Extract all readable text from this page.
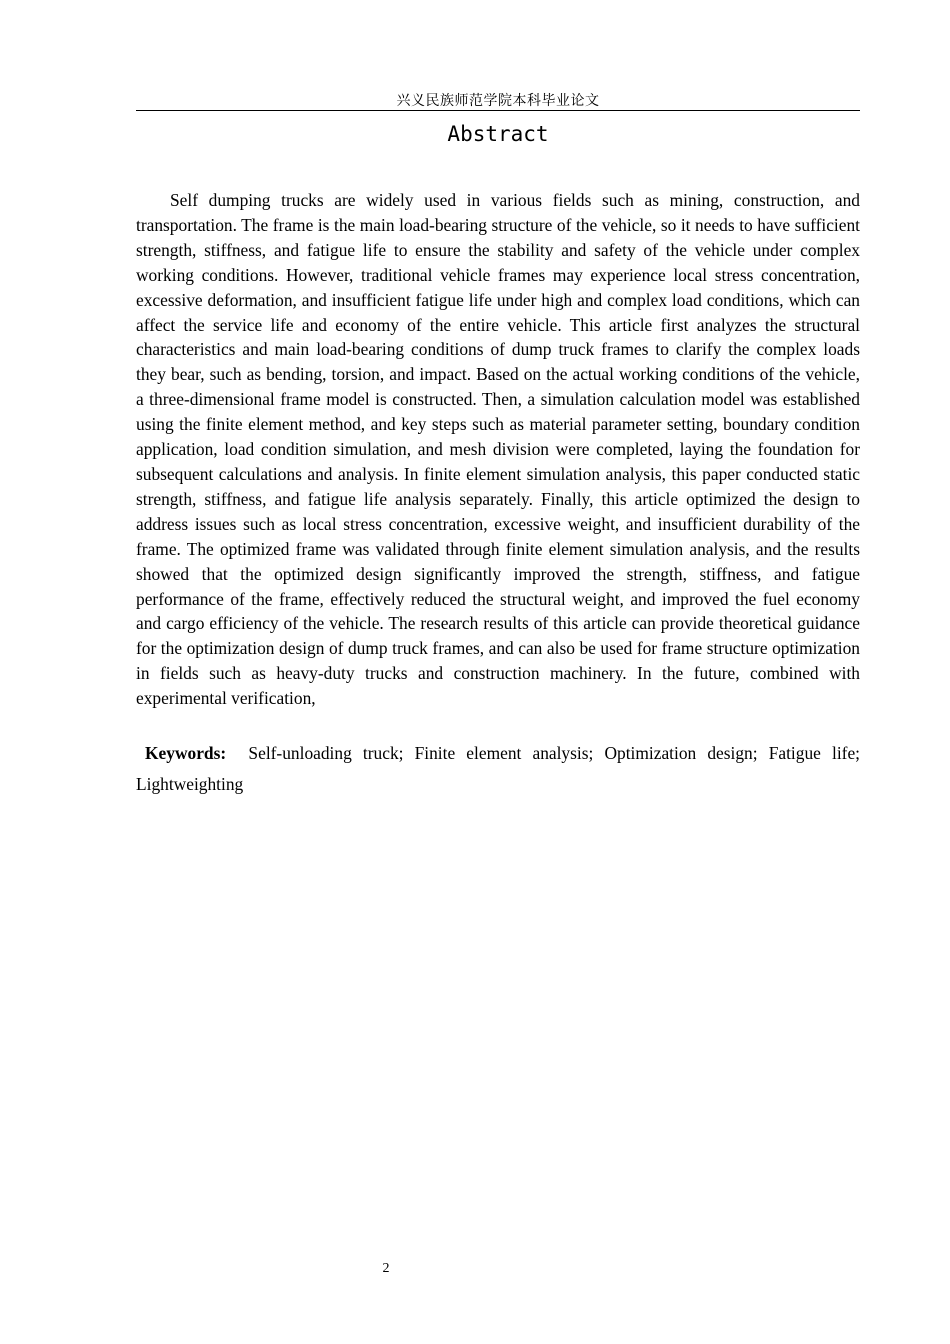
兴义民族师范学院本科毕业论文
Abstract

Self dumping trucks are widely used in various fields such as mining, construction, and transportation. The frame is the main load-bearing structure of the vehicle, so it needs to have sufficient strength, stiffness, and fatigue life to ensure the stability and safety of the vehicle under complex working conditions. However, traditional vehicle frames may experience local stress concentration, excessive deformation, and insufficient fatigue life under high and complex load conditions, which can affect the service life and economy of the entire vehicle. This article first analyzes the structural characteristics and main load-bearing conditions of dump truck frames to clarify the complex loads they bear, such as bending, torsion, and impact. Based on the actual working conditions of the vehicle, a three-dimensional frame model is constructed. Then, a simulation calculation model was established using the finite element method, and key steps such as material parameter setting, boundary condition application, load condition simulation, and mesh division were completed, laying the foundation for subsequent calculations and analysis. In finite element simulation analysis, this paper conducted static strength, stiffness, and fatigue life analysis separately. Finally, this article optimized the design to address issues such as local stress concentration, excessive weight, and insufficient durability of the frame. The optimized frame was validated through finite element simulation analysis, and the results showed that the optimized design significantly improved the strength, stiffness, and fatigue performance of the frame, effectively reduced the structural weight, and improved the fuel economy and cargo efficiency of the vehicle. The research results of this article can provide theoretical guidance for the optimization design of dump truck frames, and can also be used for frame structure optimization in fields such as heavy-duty trucks and construction machinery. In the future, combined with experimental verification,

Keywords: Self-unloading truck; Finite element analysis; Optimization design; Fatigue life; Lightweighting

2
